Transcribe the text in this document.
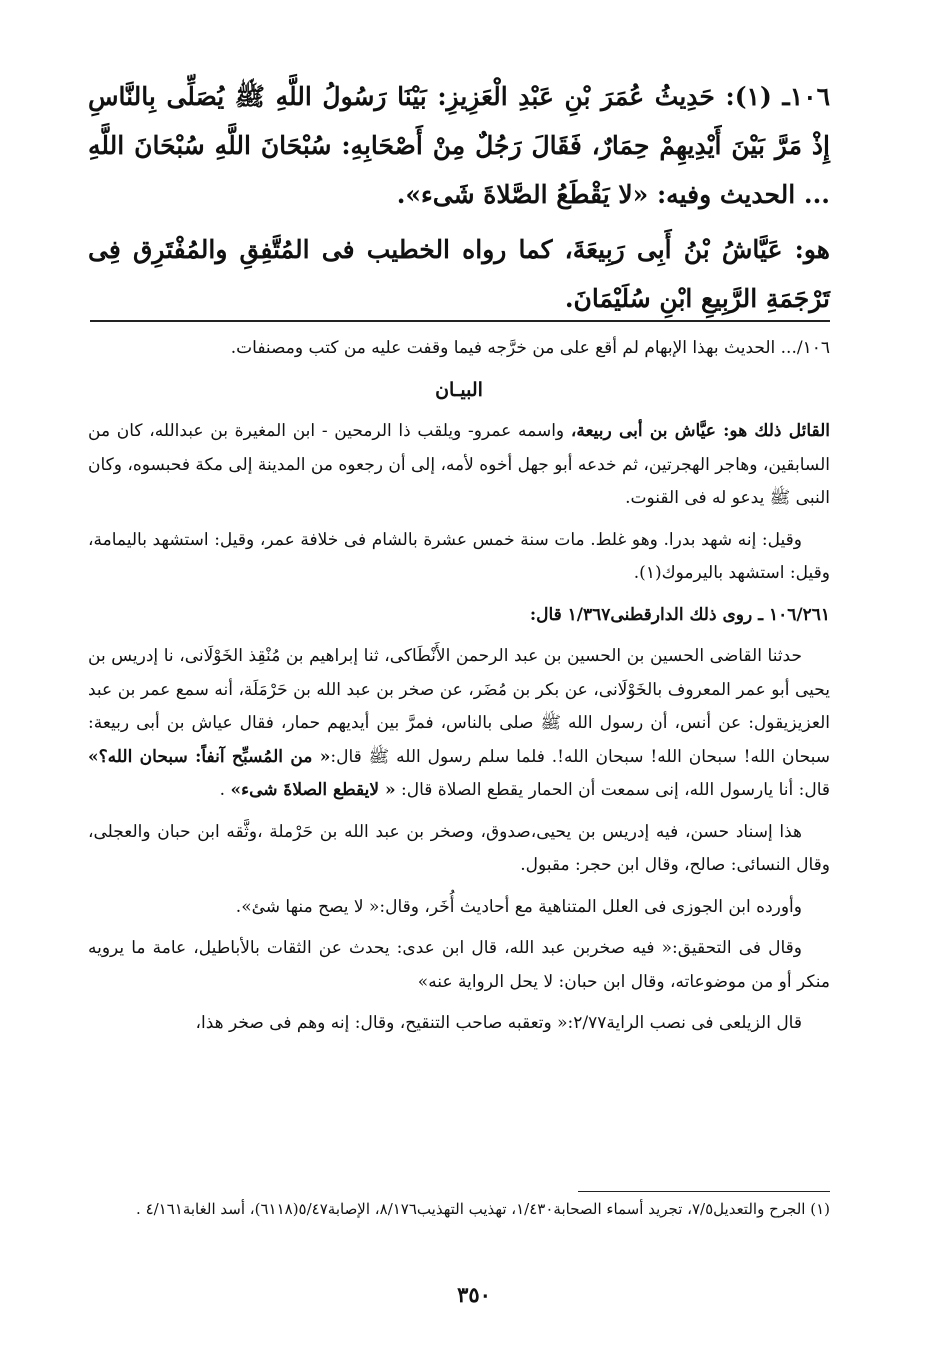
١٠٦ـ (١): حَدِيثُ عُمَرَ بْنِ عَبْدِ الْعَزِيزِ: بَيْنَا رَسُولُ اللَّهِ ﷺ يُصَلِّى بِالنَّاسِ إِذْ مَرَّ بَيْنَ أَيْدِيهِمْ حِمَارٌ، فَقَالَ رَجُلٌ مِنْ أَصْحَابِهِ: سُبْحَانَ اللَّهِ سُبْحَانَ اللَّهِ ... الحديث وفيه: «لا يَقْطَعُ الصَّلاةَ شَىء».

هو: عَيَّاشُ بْنُ أَبِى رَبِيعَةَ، كما رواه الخطيب فى المُتَّفِقِ والمُفْتَرِق فِى تَرْجَمَةِ الرَّبِيعِ ابْنِ سُلَيْمَانَ.

١٠٦/... الحديث بهذا الإبهام لم أقع على من خرَّجه فيما وقفت عليه من كتب ومصنفات.

البيـان

القائل ذلك هو: عيَّاش بن أبى ربيعة، واسمه عمرو- ويلقب ذا الرمحين - ابن المغيرة بن عبدالله، كان من السابقين، وهاجر الهجرتين، ثم خدعه أبو جهل أخوه لأمه، إلى أن رجعوه من المدينة إلى مكة فحبسوه، وكان النبى ﷺ يدعو له فى القنوت.

وقيل: إنه شهد بدرا. وهو غلط. مات سنة خمس عشرة بالشام فى خلافة عمر، وقيل: استشهد باليمامة، وقيل: استشهد باليرموك(١).

١٠٦/٢٦١ ـ روى ذلك الدارقطنى١/٣٦٧ قال:

حدثنا القاضى الحسين بن الحسين بن عبد الرحمن الأَنْطَاكى، ثنا إبراهيم بن مُنْقِذ الخَوْلَانى، نا إدريس بن يحيى أبو عمر المعروف بالخَوْلَانى، عن بكر بن مُضَر، عن صخر بن عبد الله بن حَرْمَلَة، أنه سمع عمر بن عبد العزيزيقول: عن أنس، أن رسول الله ﷺ صلى بالناس، فمرَّ بين أيديهم حمار، فقال عياش بن أبى ربيعة: سبحان الله! سبحان الله! سبحان الله!. فلما سلم رسول الله ﷺ قال:« من المُسبِّح آنفاً: سبحان الله؟» قال: أنا يارسول الله، إنى سمعت أن الحمار يقطع الصلاة قال: « لايقطع الصلاةَ شىء» .

هذا إسناد حسن، فيه إدريس بن يحيى،صدوق، وصخر بن عبد الله بن حَرْملة ،وثَّقه ابن حبان والعجلى، وقال النسائى: صالح، وقال ابن حجر: مقبول.

وأورده ابن الجوزى فى العلل المتناهية مع أحاديث أُخَر، وقال:« لا يصح منها شئ».

وقال فى التحقيق:« فيه صخربن عبد الله، قال ابن عدى: يحدث عن الثقات بالأباطيل، عامة ما يرويه منكر أو من موضوعاته، وقال ابن حبان: لا يحل الرواية عنه»

قال الزيلعى فى نصب الراية٢/٧٧:« وتعقبه صاحب التنقيح، وقال: إنه وهم فى صخر هذا،

(١) الجرح والتعديل٧/٥، تجريد أسماء الصحابة١/٤٣٠، تهذيب التهذيب٨/١٧٦، الإصابة٥/٤٧(٦١١٨)، أسد الغابة٤/١٦١ .

٣٥٠
